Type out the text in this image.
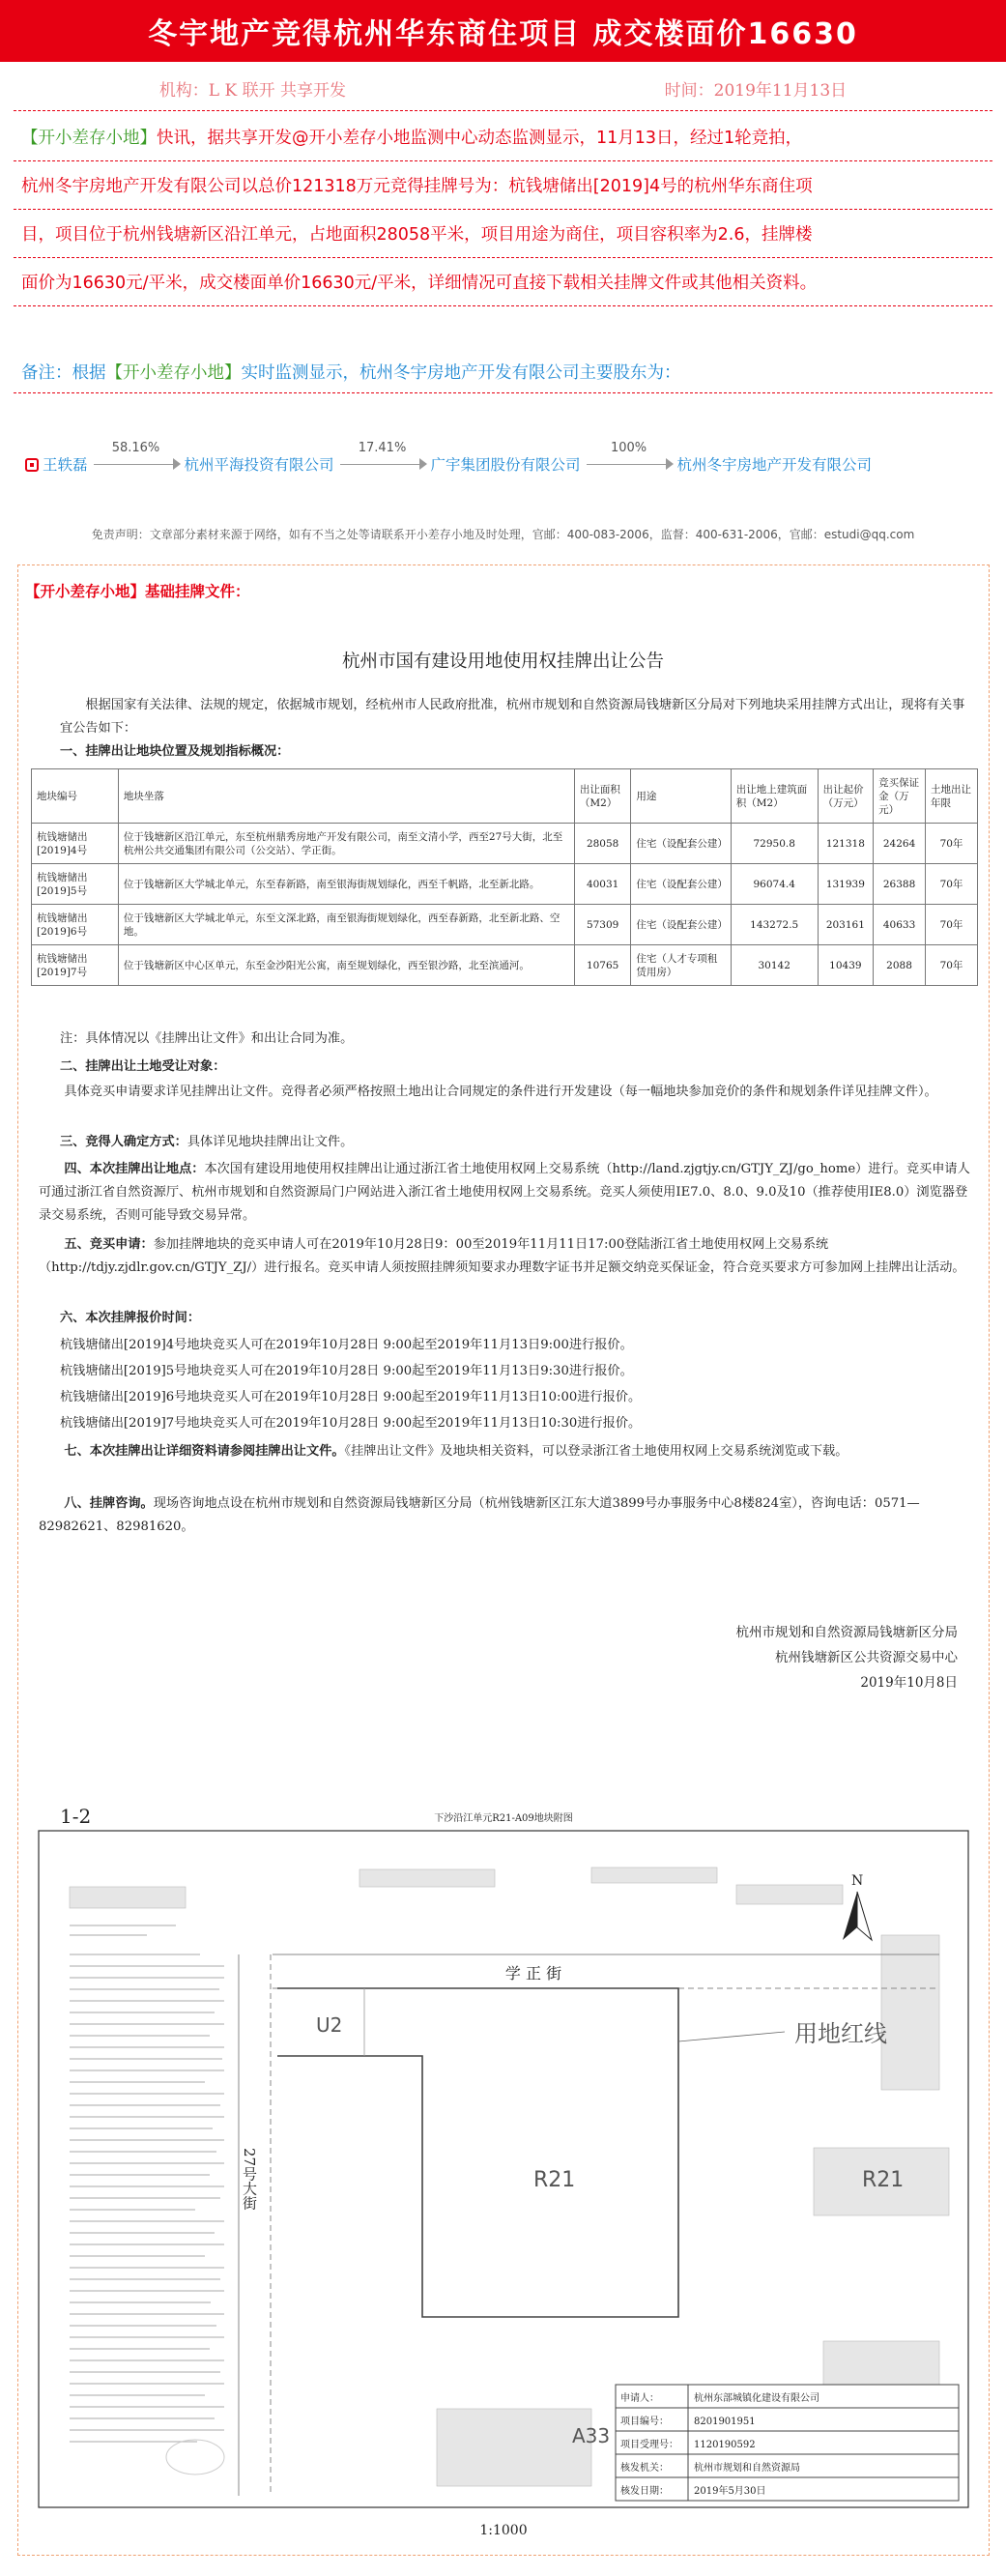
冬宇地产竞得杭州华东商住项目 成交楼面价16630
机构：L K 联开 共享开发	时间：2019年11月13日
【开小差存小地】快讯，据共享开发@开小差存小地监测中心动态监测显示，11月13日，经过1轮竞拍，
杭州冬宇房地产开发有限公司以总价121318万元竞得挂牌号为：杭钱塘储出[2019]4号的杭州华东商住项
目，项目位于杭州钱塘新区沿江单元，占地面积28058平米，项目用途为商住，项目容积率为2.6，挂牌楼
面价为16630元/平米，成交楼面单价16630元/平米，详细情况可直接下载相关挂牌文件或其他相关资料。
备注：根据【开小差存小地】实时监测显示，杭州冬宇房地产开发有限公司主要股东为：
王轶磊
58.16%
杭州平海投资有限公司
17.41%
广宇集团股份有限公司
100%
杭州冬宇房地产开发有限公司
免责声明：文章部分素材来源于网络，如有不当之处等请联系开小差存小地及时处理，官邮：400-083-2006，监督：400-631-2006，官邮：estudi@qq.com
【开小差存小地】基础挂牌文件：
杭州市国有建设用地使用权挂牌出让公告
根据国家有关法律、法规的规定，依据城市规划，经杭州市人民政府批准，杭州市规划和自然资源局钱塘新区分局对下列地块采用挂牌方式出让，现将有关事宜公告如下：
一、挂牌出让地块位置及规划指标概况：
地块编号	地块坐落	出让面积（M2）	用途	出让地上建筑面积（M2）	出让起价（万元）	竞买保证金（万元）	土地出让年限
杭钱塘储出[2019]4号	位于钱塘新区沿江单元，东至杭州鼎秀房地产开发有限公司，南至文清小学，西至27号大街，北至杭州公共交通集团有限公司（公交站）、学正街。	28058	住宅（设配套公建）	72950.8	121318	24264	70年
杭钱塘储出[2019]5号	位于钱塘新区大学城北单元，东至春新路，南至银海街规划绿化，西至千帆路，北至新北路。	40031	住宅（设配套公建）	96074.4	131939	26388	70年
杭钱塘储出[2019]6号	位于钱塘新区大学城北单元，东至文深北路，南至银海街规划绿化，西至春新路，北至新北路、空地。	57309	住宅（设配套公建）	143272.5	203161	40633	70年
杭钱塘储出[2019]7号	位于钱塘新区中心区单元，东至金沙阳光公寓，南至规划绿化，西至银沙路，北至滨通河。	10765	住宅（人才专项租赁用房）	30142	10439	2088	70年
注：具体情况以《挂牌出让文件》和出让合同为准。
二、挂牌出让土地受让对象：
具体竞买申请要求详见挂牌出让文件。竞得者必须严格按照土地出让合同规定的条件进行开发建设（每一幅地块参加竞价的条件和规划条件详见挂牌文件）。
三、竞得人确定方式：具体详见地块挂牌出让文件。
四、本次挂牌出让地点：本次国有建设用地使用权挂牌出让通过浙江省土地使用权网上交易系统（http://land.zjgtjy.cn/GTJY_ZJ/go_home）进行。竞买申请人可通过浙江省自然资源厅、杭州市规划和自然资源局门户网站进入浙江省土地使用权网上交易系统。竞买人须使用IE7.0、8.0、9.0及10（推荐使用IE8.0）浏览器登录交易系统，否则可能导致交易异常。
五、竞买申请：参加挂牌地块的竞买申请人可在2019年10月28日9：00至2019年11月11日17:00登陆浙江省土地使用权网上交易系统（http://tdjy.zjdlr.gov.cn/GTJY_ZJ/）进行报名。竞买申请人须按照挂牌须知要求办理数字证书并足额交纳竞买保证金，符合竞买要求方可参加网上挂牌出让活动。
六、本次挂牌报价时间：
杭钱塘储出[2019]4号地块竞买人可在2019年10月28日 9:00起至2019年11月13日9:00进行报价。
杭钱塘储出[2019]5号地块竞买人可在2019年10月28日 9:00起至2019年11月13日9:30进行报价。
杭钱塘储出[2019]6号地块竞买人可在2019年10月28日 9:00起至2019年11月13日10:00进行报价。
杭钱塘储出[2019]7号地块竞买人可在2019年10月28日 9:00起至2019年11月13日10:30进行报价。
七、本次挂牌出让详细资料请参阅挂牌出让文件。《挂牌出让文件》及地块相关资料，可以登录浙江省土地使用权网上交易系统浏览或下载。
八、挂牌咨询。现场咨询地点设在杭州市规划和自然资源局钱塘新区分局（杭州钱塘新区江东大道3899号办事服务中心8楼824室），咨询电话：0571—82982621、82981620。
杭州市规划和自然资源局钱塘新区分局
杭州钱塘新区公共资源交易中心
2019年10月8日
1-2	下沙沿江单元R21-A09地块附图
学 正 街
27号大街
U2
R21	R21
A33
用地红线
N
申请人：	杭州东部城镇化建设有限公司
项目编号：	8201901951
项目受理号： 1120190592
核发机关：	杭州市规划和自然资源局
核发日期：	2019年5月30日
1:1000
